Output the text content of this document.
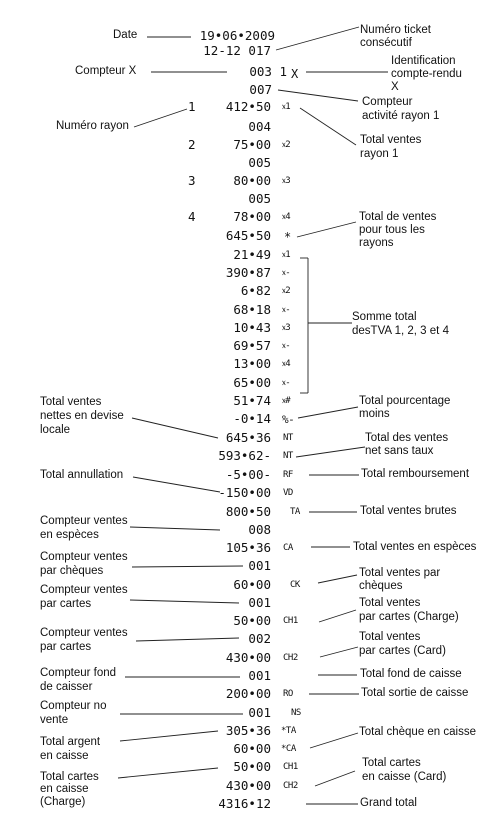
Date
Compteur X
Numéro rayon
Total ventes
nettes en devise
locale
Total annullation
Compteur ventes
en espèces
Compteur ventes
par chèques
Compteur ventes
par cartes
Compteur ventes
par cartes
Compteur fond
de caisser
Compteur no
vente
Total argent
en caisse
Total cartes
en caisse
(Charge)
Numéro ticket
consécutif
Identification
compte-rendu
X
Compteur
activité rayon 1
Total ventes
rayon 1
Total de ventes
pour tous les
rayons
Somme total
desTVA 1, 2, 3 et 4
Total pourcentage
moins
Total des ventes
net sans taux
Total remboursement
Total ventes brutes
Total ventes en espèces
Total ventes par
chèques
Total ventes
par cartes (Charge)
Total ventes
par cartes (Card)
Total fond de caisse
Total sortie de caisse
Total chèque en caisse
Total cartes
en caisse (Card)
Grand total
1
2
3
4
19•06•2009
12-12 017
003 1
007
412•50
004
75•00
005
80•00
005
78•00
645•50
21•49
390•87
6•82
68•18
10•43
69•57
13•00
65•00
51•74
-0•14
645•36
593•62-
-5•00-
-150•00
800•50
008
105•36
001
60•00
001
50•00
002
430•00
001
200•00
001
305•36
60•00
50•00
430•00
4316•12
X
᥊1
᥊2
᥊3
᥊4
*
᥊1
᥊-
᥊2
᥊-
᥊3
᥊-
᥊4
᥊-
᥊#
%-
NT
NT
RF
VD
TA
CA
CK
CH1
CH2
RO
NS
*TA
*CA
CH1
CH2
